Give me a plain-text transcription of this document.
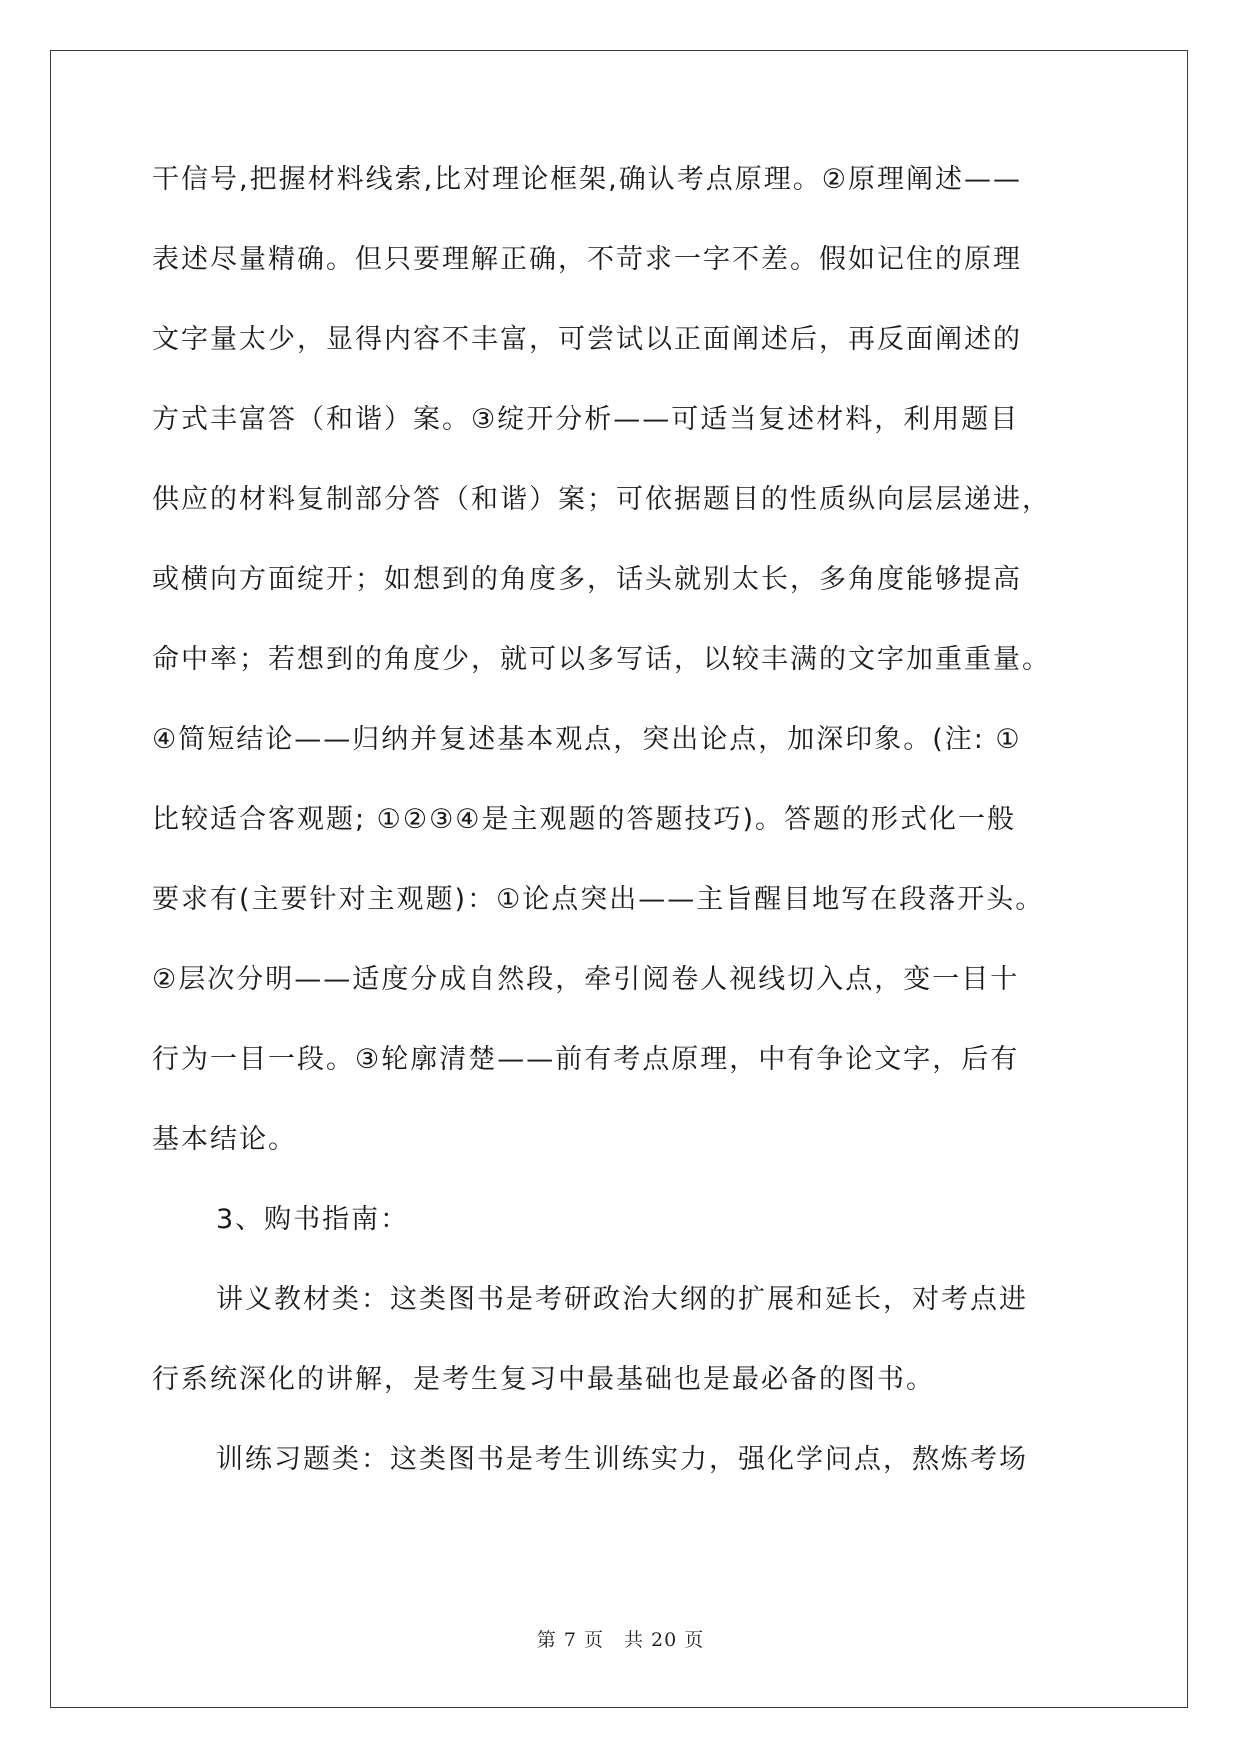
干信号,把握材料线索,比对理论框架,确认考点原理。②原理阐述——
表述尽量精确。但只要理解正确，不苛求一字不差。假如记住的原理
文字量太少，显得内容不丰富，可尝试以正面阐述后，再反面阐述的
方式丰富答（和谐）案。③绽开分析——可适当复述材料，利用题目
供应的材料复制部分答（和谐）案；可依据题目的性质纵向层层递进，
或横向方面绽开；如想到的角度多，话头就别太长，多角度能够提高
命中率；若想到的角度少，就可以多写话，以较丰满的文字加重重量。
④简短结论——归纳并复述基本观点，突出论点，加深印象。(注: ①
比较适合客观题; ①②③④是主观题的答题技巧)。答题的形式化一般
要求有(主要针对主观题)：①论点突出——主旨醒目地写在段落开头。
②层次分明——适度分成自然段，牵引阅卷人视线切入点，变一目十
行为一目一段。③轮廓清楚——前有考点原理，中有争论文字，后有
基本结论。
3、购书指南：
讲义教材类：这类图书是考研政治大纲的扩展和延长，对考点进
行系统深化的讲解，是考生复习中最基础也是最必备的图书。
训练习题类：这类图书是考生训练实力，强化学问点，熬炼考场
第 7 页　共 20 页
